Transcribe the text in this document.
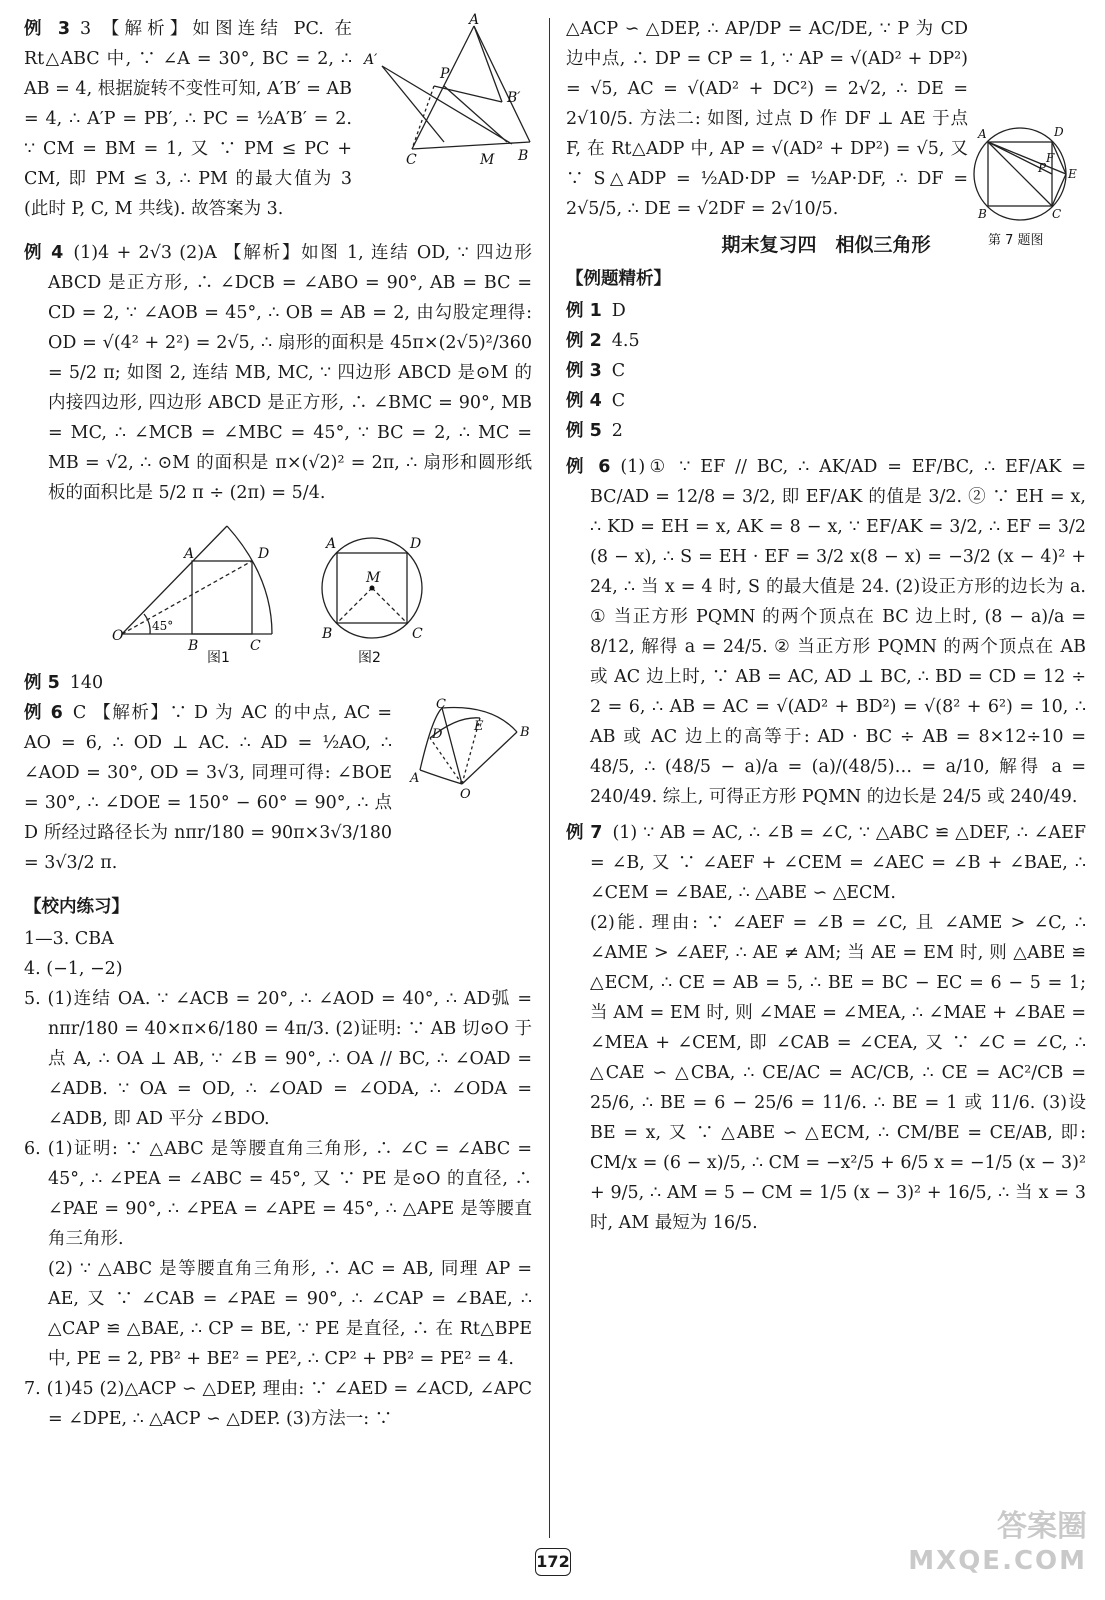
A
A′
P
B′
C	M B

例 3 3 【解析】如图连结 PC. 在 Rt△ABC 中, ∵ ∠A = 30°, BC = 2, ∴ AB = 4, 根据旋转不变性可知, A′B′ = AB = 4, ∴ A′P = PB′, ∴ PC = ½A′B′ = 2. ∵ CM = BM = 1, 又 ∵ PM ≤ PC + CM, 即 PM ≤ 3, ∴ PM 的最大值为 3 (此时 P, C, M 共线). 故答案为 3.

例 4 (1)4 + 2√3 (2)A 【解析】如图 1, 连结 OD, ∵ 四边形 ABCD 是正方形, ∴ ∠DCB = ∠ABO = 90°, AB = BC = CD = 2, ∵ ∠AOB = 45°, ∴ OB = AB = 2, 由勾股定理得: OD = √(4² + 2²) = 2√5, ∴ 扇形的面积是 45π×(2√5)²/360 = 5/2 π; 如图 2, 连结 MB, MC, ∵ 四边形 ABCD 是⊙M 的内接四边形, 四边形 ABCD 是正方形, ∴ ∠BMC = 90°, MB = MC, ∴ ∠MCB = ∠MBC = 45°, ∵ BC = 2, ∴ MC = MB = √2, ∴ ⊙M 的面积是 π×(√2)² = 2π, ∴ 扇形和圆形纸板的面积比是 5/2 π ÷ (2π) = 5/4.

A	D
O
45°
B	C
图1
A	D
M
B	C
图2

例 5 140

C
D
E	B
A
O

例 6 C 【解析】∵ D 为 AC 的中点, AC = AO = 6, ∴ OD ⊥ AC. ∴ AD = ½AO, ∴ ∠AOD = 30°, OD = 3√3, 同理可得: ∠BOE = 30°, ∴ ∠DOE = 150° − 60° = 90°, ∴ 点 D 所经过路径长为 nπr/180 = 90π×3√3/180 = 3√3/2 π.

【校内练习】

1—3. CBA

4. (−1, −2)

5. (1)连结 OA. ∵ ∠ACB = 20°, ∴ ∠AOD = 40°, ∴ AD弧 = nπr/180 = 40×π×6/180 = 4π/3. (2)证明: ∵ AB 切⊙O 于点 A, ∴ OA ⊥ AB, ∵ ∠B = 90°, ∴ OA // BC, ∴ ∠OAD = ∠ADB. ∵ OA = OD, ∴ ∠OAD = ∠ODA, ∴ ∠ODA = ∠ADB, 即 AD 平分 ∠BDO.

6. (1)证明: ∵ △ABC 是等腰直角三角形, ∴ ∠C = ∠ABC = 45°, ∴ ∠PEA = ∠ABC = 45°, 又 ∵ PE 是⊙O 的直径, ∴ ∠PAE = 90°, ∴ ∠PEA = ∠APE = 45°, ∴ △APE 是等腰直角三角形.

(2) ∵ △ABC 是等腰直角三角形, ∴ AC = AB, 同理 AP = AE, 又 ∵ ∠CAB = ∠PAE = 90°, ∴ ∠CAP = ∠BAE, ∴ △CAP ≌ △BAE, ∴ CP = BE, ∵ PE 是直径, ∴ 在 Rt△BPE 中, PE = 2, PB² + BE² = PE², ∴ CP² + PB² = PE² = 4.

7. (1)45 (2)△ACP ∽ △DEP, 理由: ∵ ∠AED = ∠ACD, ∠APC = ∠DPE, ∴ △ACP ∽ △DEP. (3)方法一: ∵

A	D
P
F
E
B	C
第 7 题图

△ACP ∽ △DEP, ∴ AP/DP = AC/DE, ∵ P 为 CD 边中点, ∴ DP = CP = 1, ∵ AP = √(AD² + DP²) = √5, AC = √(AD² + DC²) = 2√2, ∴ DE = 2√10/5. 方法二: 如图, 过点 D 作 DF ⊥ AE 于点 F, 在 Rt△ADP 中, AP = √(AD² + DP²) = √5, 又 ∵ S△ADP = ½AD·DP = ½AP·DF, ∴ DF = 2√5/5, ∴ DE = √2DF = 2√10/5.

期末复习四　相似三角形
【例题精析】

例 1 D

例 2 4.5

例 3 C

例 4 C

例 5 2

例 6 (1)① ∵ EF // BC, ∴ AK/AD = EF/BC, ∴ EF/AK = BC/AD = 12/8 = 3/2, 即 EF/AK 的值是 3/2. ② ∵ EH = x, ∴ KD = EH = x, AK = 8 − x, ∵ EF/AK = 3/2, ∴ EF = 3/2 (8 − x), ∴ S = EH · EF = 3/2 x(8 − x) = −3/2 (x − 4)² + 24, ∴ 当 x = 4 时, S 的最大值是 24. (2)设正方形的边长为 a. ① 当正方形 PQMN 的两个顶点在 BC 边上时, (8 − a)/a = 8/12, 解得 a = 24/5. ② 当正方形 PQMN 的两个顶点在 AB 或 AC 边上时, ∵ AB = AC, AD ⊥ BC, ∴ BD = CD = 12 ÷ 2 = 6, ∴ AB = AC = √(AD² + BD²) = √(8² + 6²) = 10, ∴ AB 或 AC 边上的高等于: AD · BC ÷ AB = 8×12÷10 = 48/5, ∴ (48/5 − a)/a = (a)/(48/5)… = a/10, 解得 a = 240/49. 综上, 可得正方形 PQMN 的边长是 24/5 或 240/49.

例 7 (1) ∵ AB = AC, ∴ ∠B = ∠C, ∵ △ABC ≌ △DEF, ∴ ∠AEF = ∠B, 又 ∵ ∠AEF + ∠CEM = ∠AEC = ∠B + ∠BAE, ∴ ∠CEM = ∠BAE, ∴ △ABE ∽ △ECM.

(2)能. 理由: ∵ ∠AEF = ∠B = ∠C, 且 ∠AME > ∠C, ∴ ∠AME > ∠AEF, ∴ AE ≠ AM; 当 AE = EM 时, 则 △ABE ≌ △ECM, ∴ CE = AB = 5, ∴ BE = BC − EC = 6 − 5 = 1; 当 AM = EM 时, 则 ∠MAE = ∠MEA, ∴ ∠MAE + ∠BAE = ∠MEA + ∠CEM, 即 ∠CAB = ∠CEA, 又 ∵ ∠C = ∠C, ∴ △CAE ∽ △CBA, ∴ CE/AC = AC/CB, ∴ CE = AC²/CB = 25/6, ∴ BE = 6 − 25/6 = 11/6. ∴ BE = 1 或 11/6. (3)设 BE = x, 又 ∵ △ABE ∽ △ECM, ∴ CM/BE = CE/AB, 即: CM/x = (6 − x)/5, ∴ CM = −x²/5 + 6/5 x = −1/5 (x − 3)² + 9/5, ∴ AM = 5 − CM = 1/5 (x − 3)² + 16/5, ∴ 当 x = 3 时, AM 最短为 16/5.

172
答案圈
MXQE.COM
